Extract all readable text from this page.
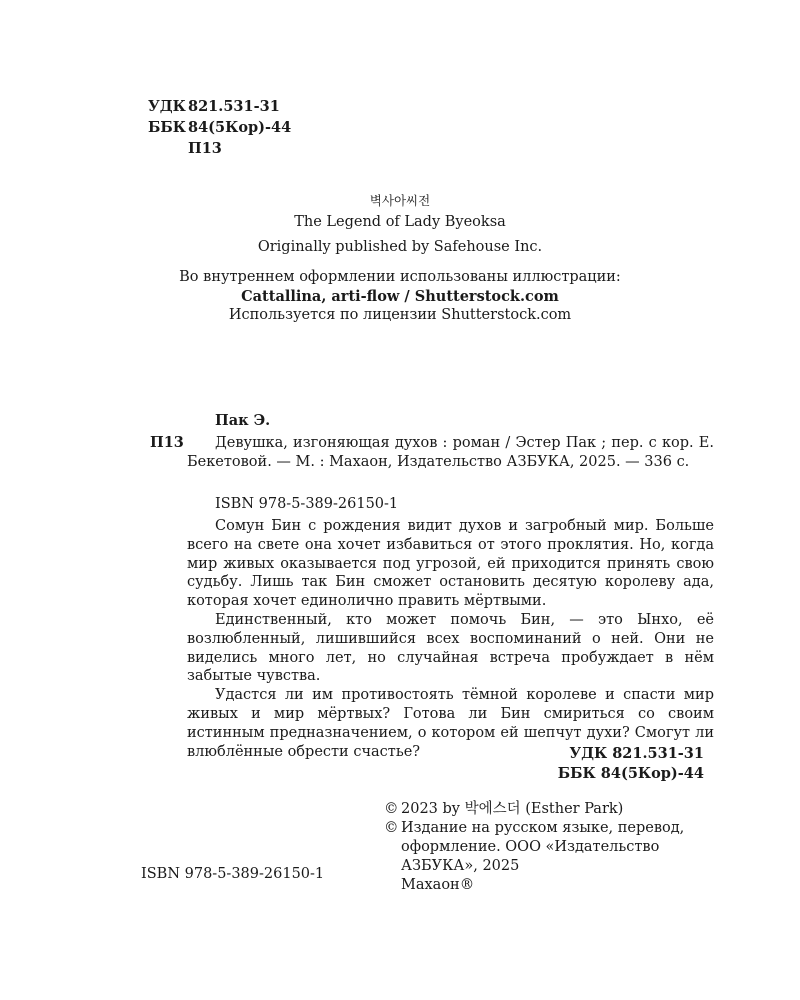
УДК 821.531-31
ББК 84(5Кор)-44
П13
벽사아씨전
The Legend of Lady Byeoksa
Originally published by Safehouse Inc.
Во внутреннем оформлении использованы иллюстрации:
Cattallina, arti-flow / Shutterstock.com
Используется по лицензии Shutterstock.com
Пак Э.
П13	Девушка, изгоняющая духов : роман / Эстер Пак ; пер. с кор. Е. Бекетовой. — М. : Махаон, Издательство АЗБУКА, 2025. — 336 с.
ISBN 978-5-389-26150-1

Сомун Бин с рождения видит духов и загробный мир. Больше всего на свете она хочет избавиться от этого проклятия. Но, когда мир живых оказывается под угрозой, ей приходится принять свою судьбу. Лишь так Бин сможет остановить десятую королеву ада, которая хочет единолично править мёртвыми.

Единственный, кто может помочь Бин, — это Ынхо, её возлюбленный, лишившийся всех воспоминаний о ней. Они не виделись много лет, но случайная встреча пробуждает в нём забытые чувства.

Удастся ли им противостоять тёмной королеве и спасти мир живых и мир мёртвых? Готова ли Бин смириться со своим истинным предназначением, о котором ей шепчут духи? Смогут ли влюблённые обрести счастье?	УДК 821.531-31
ББК 84(5Кор)-44
© 2023 by 박에스더 (Esther Park)
© Издание на русском языке, перевод, оформление. ООО «Издательство АЗБУКА», 2025
Махаон®
ISBN 978-5-389-26150-1
